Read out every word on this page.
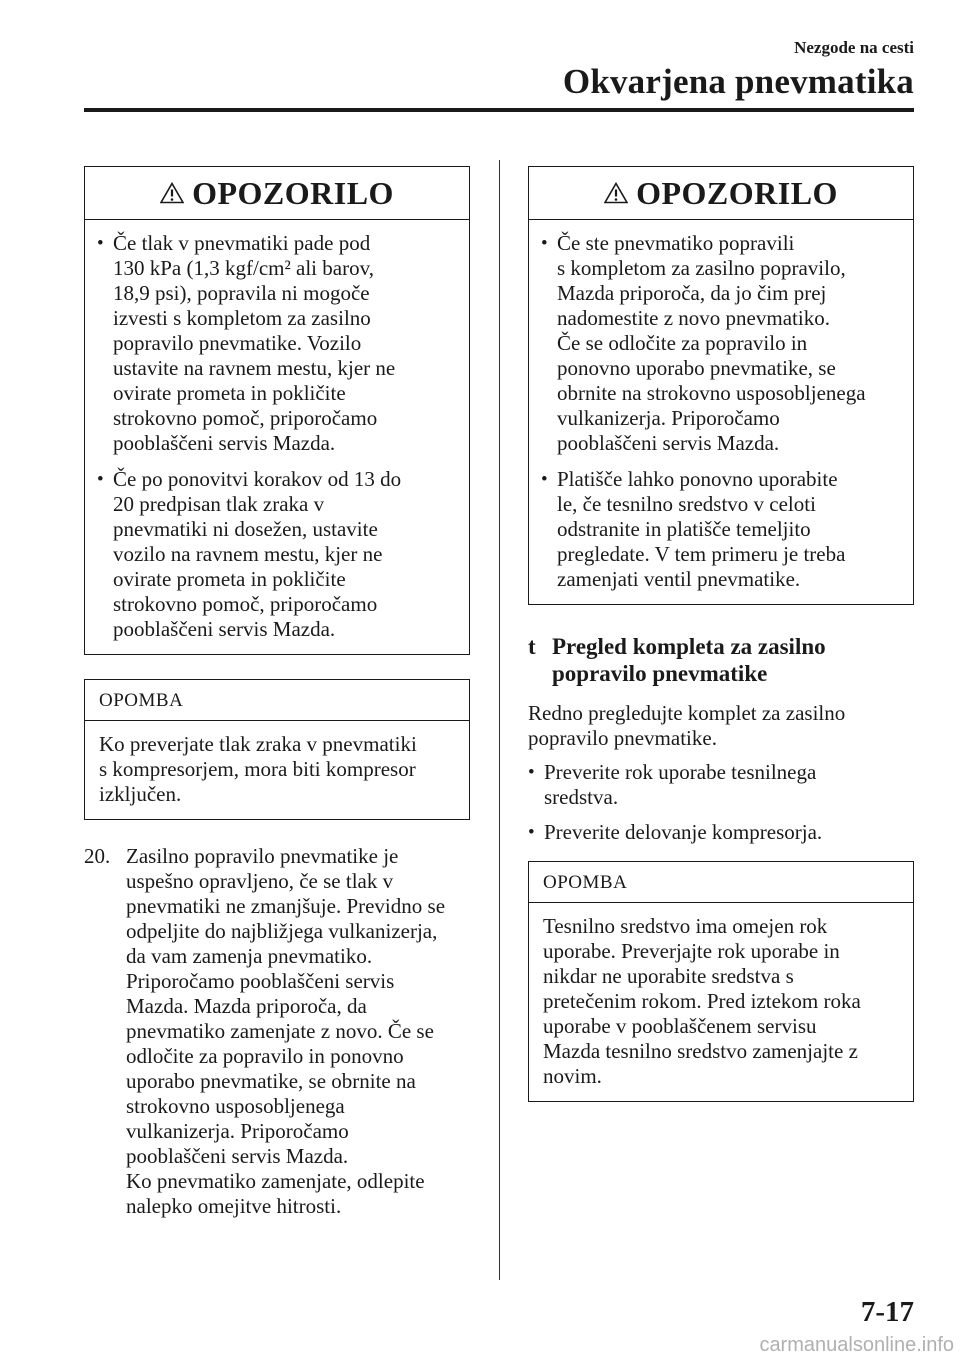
Nezgode na cesti
Okvarjena pnevmatika
OPOZORILO
• Če tlak v pnevmatiki pade pod
130 kPa (1,3 kgf/cm² ali barov,
18,9 psi), popravila ni mogoče
izvesti s kompletom za zasilno
popravilo pnevmatike. Vozilo
ustavite na ravnem mestu, kjer ne
ovirate prometa in pokličite
strokovno pomoč, priporočamo
pooblaščeni servis Mazda.
• Če po ponovitvi korakov od 13 do
20 predpisan tlak zraka v
pnevmatiki ni dosežen, ustavite
vozilo na ravnem mestu, kjer ne
ovirate prometa in pokličite
strokovno pomoč, priporočamo
pooblaščeni servis Mazda.
OPOMBA
Ko preverjate tlak zraka v pnevmatiki
s kompresorjem, mora biti kompresor
izključen.
20. Zasilno popravilo pnevmatike je
uspešno opravljeno, če se tlak v
pnevmatiki ne zmanjšuje. Previdno se
odpeljite do najbližjega vulkanizerja,
da vam zamenja pnevmatiko.
Priporočamo pooblaščeni servis
Mazda. Mazda priporoča, da
pnevmatiko zamenjate z novo. Če se
odločite za popravilo in ponovno
uporabo pnevmatike, se obrnite na
strokovno usposobljenega
vulkanizerja. Priporočamo
pooblaščeni servis Mazda.
Ko pnevmatiko zamenjate, odlepite
nalepko omejitve hitrosti.
OPOZORILO
• Če ste pnevmatiko popravili
s kompletom za zasilno popravilo,
Mazda priporoča, da jo čim prej
nadomestite z novo pnevmatiko.
Če se odločite za popravilo in
ponovno uporabo pnevmatike, se
obrnite na strokovno usposobljenega
vulkanizerja. Priporočamo
pooblaščeni servis Mazda.
• Platišče lahko ponovno uporabite
le, če tesnilno sredstvo v celoti
odstranite in platišče temeljito
pregledate. V tem primeru je treba
zamenjati ventil pnevmatike.
t Pregled kompleta za zasilno
popravilo pnevmatike
Redno pregledujte komplet za zasilno
popravilo pnevmatike.
• Preverite rok uporabe tesnilnega
sredstva.
• Preverite delovanje kompresorja.
OPOMBA
Tesnilno sredstvo ima omejen rok
uporabe. Preverjajte rok uporabe in
nikdar ne uporabite sredstva s
pretečenim rokom. Pred iztekom roka
uporabe v pooblaščenem servisu
Mazda tesnilno sredstvo zamenjajte z
novim.
7-17
carmanualsonline.info
